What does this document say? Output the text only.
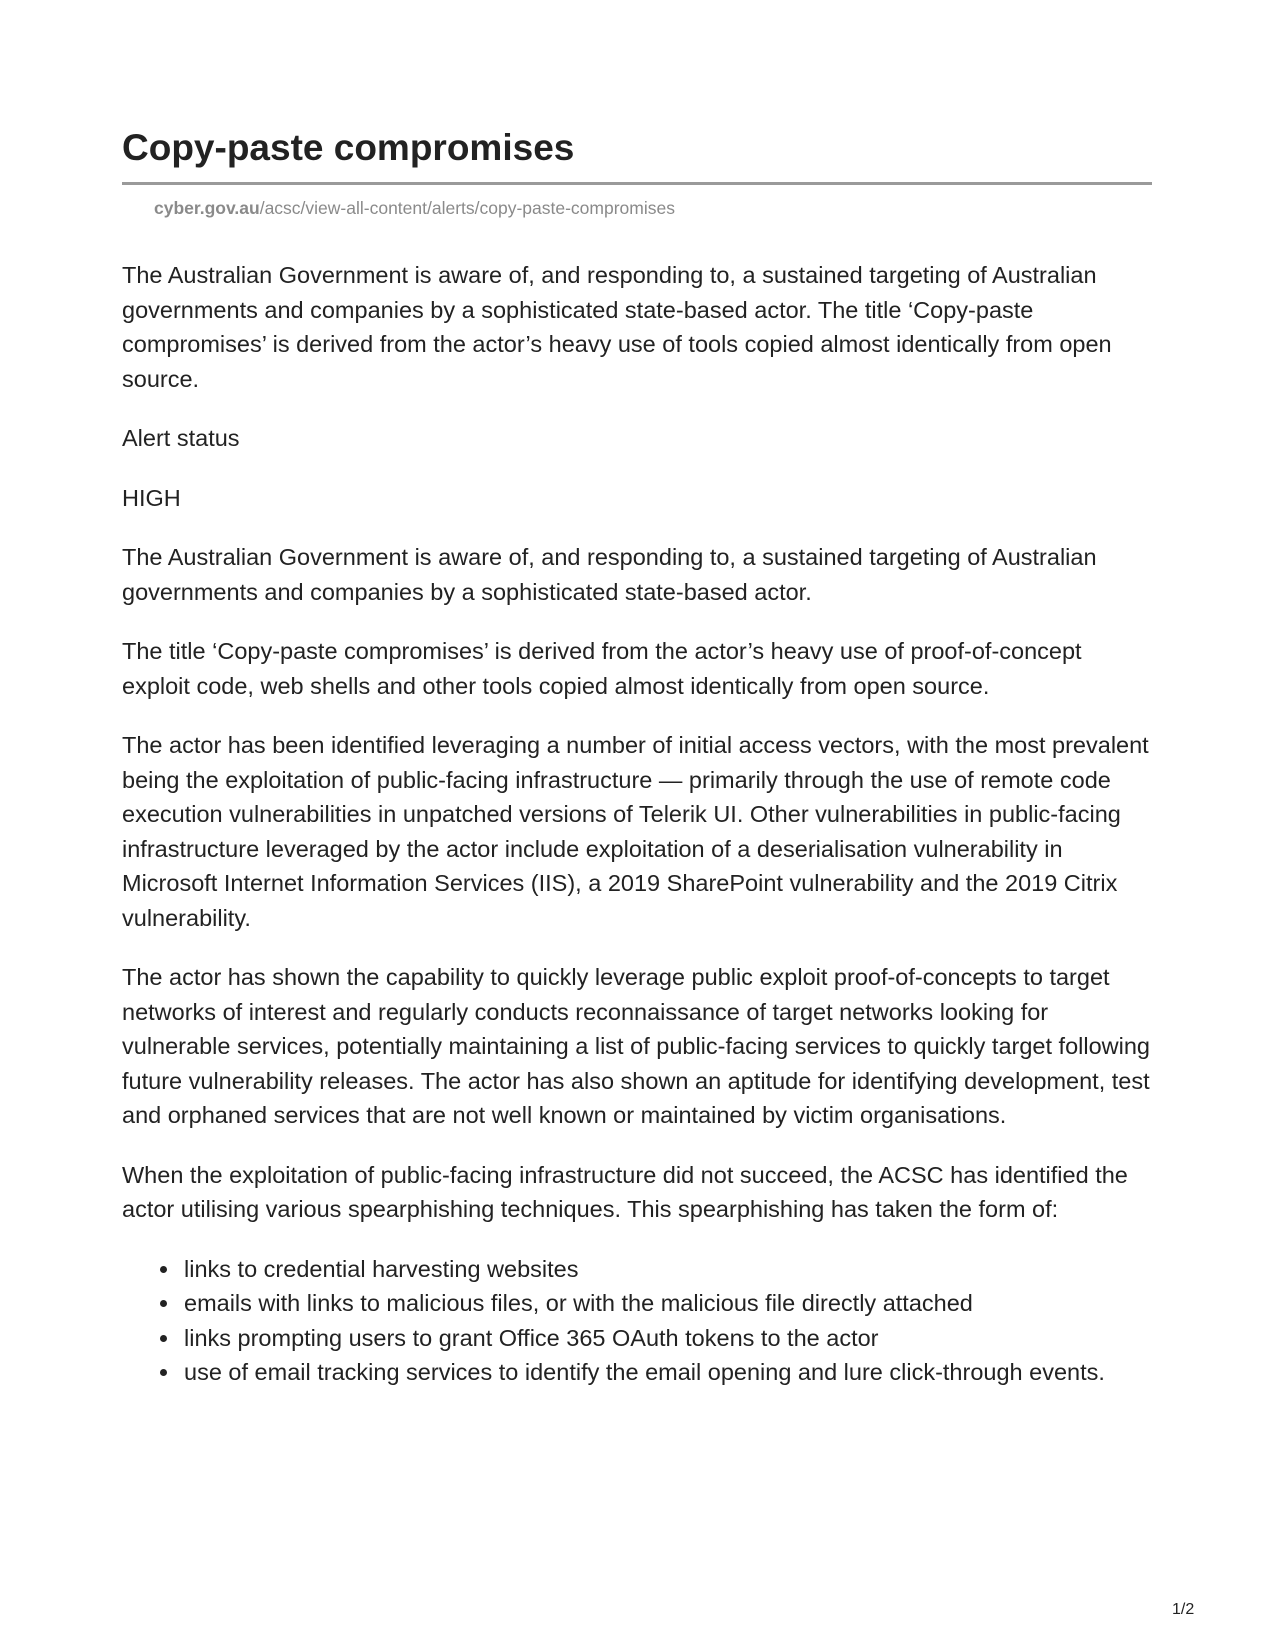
Copy-paste compromises
cyber.gov.au/acsc/view-all-content/alerts/copy-paste-compromises

The Australian Government is aware of, and responding to, a sustained targeting of Australian governments and companies by a sophisticated state-based actor. The title ‘Copy-paste compromises’ is derived from the actor’s heavy use of tools copied almost identically from open source.

Alert status

HIGH

The Australian Government is aware of, and responding to, a sustained targeting of Australian governments and companies by a sophisticated state-based actor.

The title ‘Copy-paste compromises’ is derived from the actor’s heavy use of proof-of-concept exploit code, web shells and other tools copied almost identically from open source.

The actor has been identified leveraging a number of initial access vectors, with the most prevalent being the exploitation of public-facing infrastructure — primarily through the use of remote code execution vulnerabilities in unpatched versions of Telerik UI. Other vulnerabilities in public-facing infrastructure leveraged by the actor include exploitation of a deserialisation vulnerability in Microsoft Internet Information Services (IIS), a 2019 SharePoint vulnerability and the 2019 Citrix vulnerability.

The actor has shown the capability to quickly leverage public exploit proof-of-concepts to target networks of interest and regularly conducts reconnaissance of target networks looking for vulnerable services, potentially maintaining a list of public-facing services to quickly target following future vulnerability releases. The actor has also shown an aptitude for identifying development, test and orphaned services that are not well known or maintained by victim organisations.

When the exploitation of public-facing infrastructure did not succeed, the ACSC has identified the actor utilising various spearphishing techniques. This spearphishing has taken the form of:

links to credential harvesting websites
emails with links to malicious files, or with the malicious file directly attached
links prompting users to grant Office 365 OAuth tokens to the actor
use of email tracking services to identify the email opening and lure click-through events.
1/2
